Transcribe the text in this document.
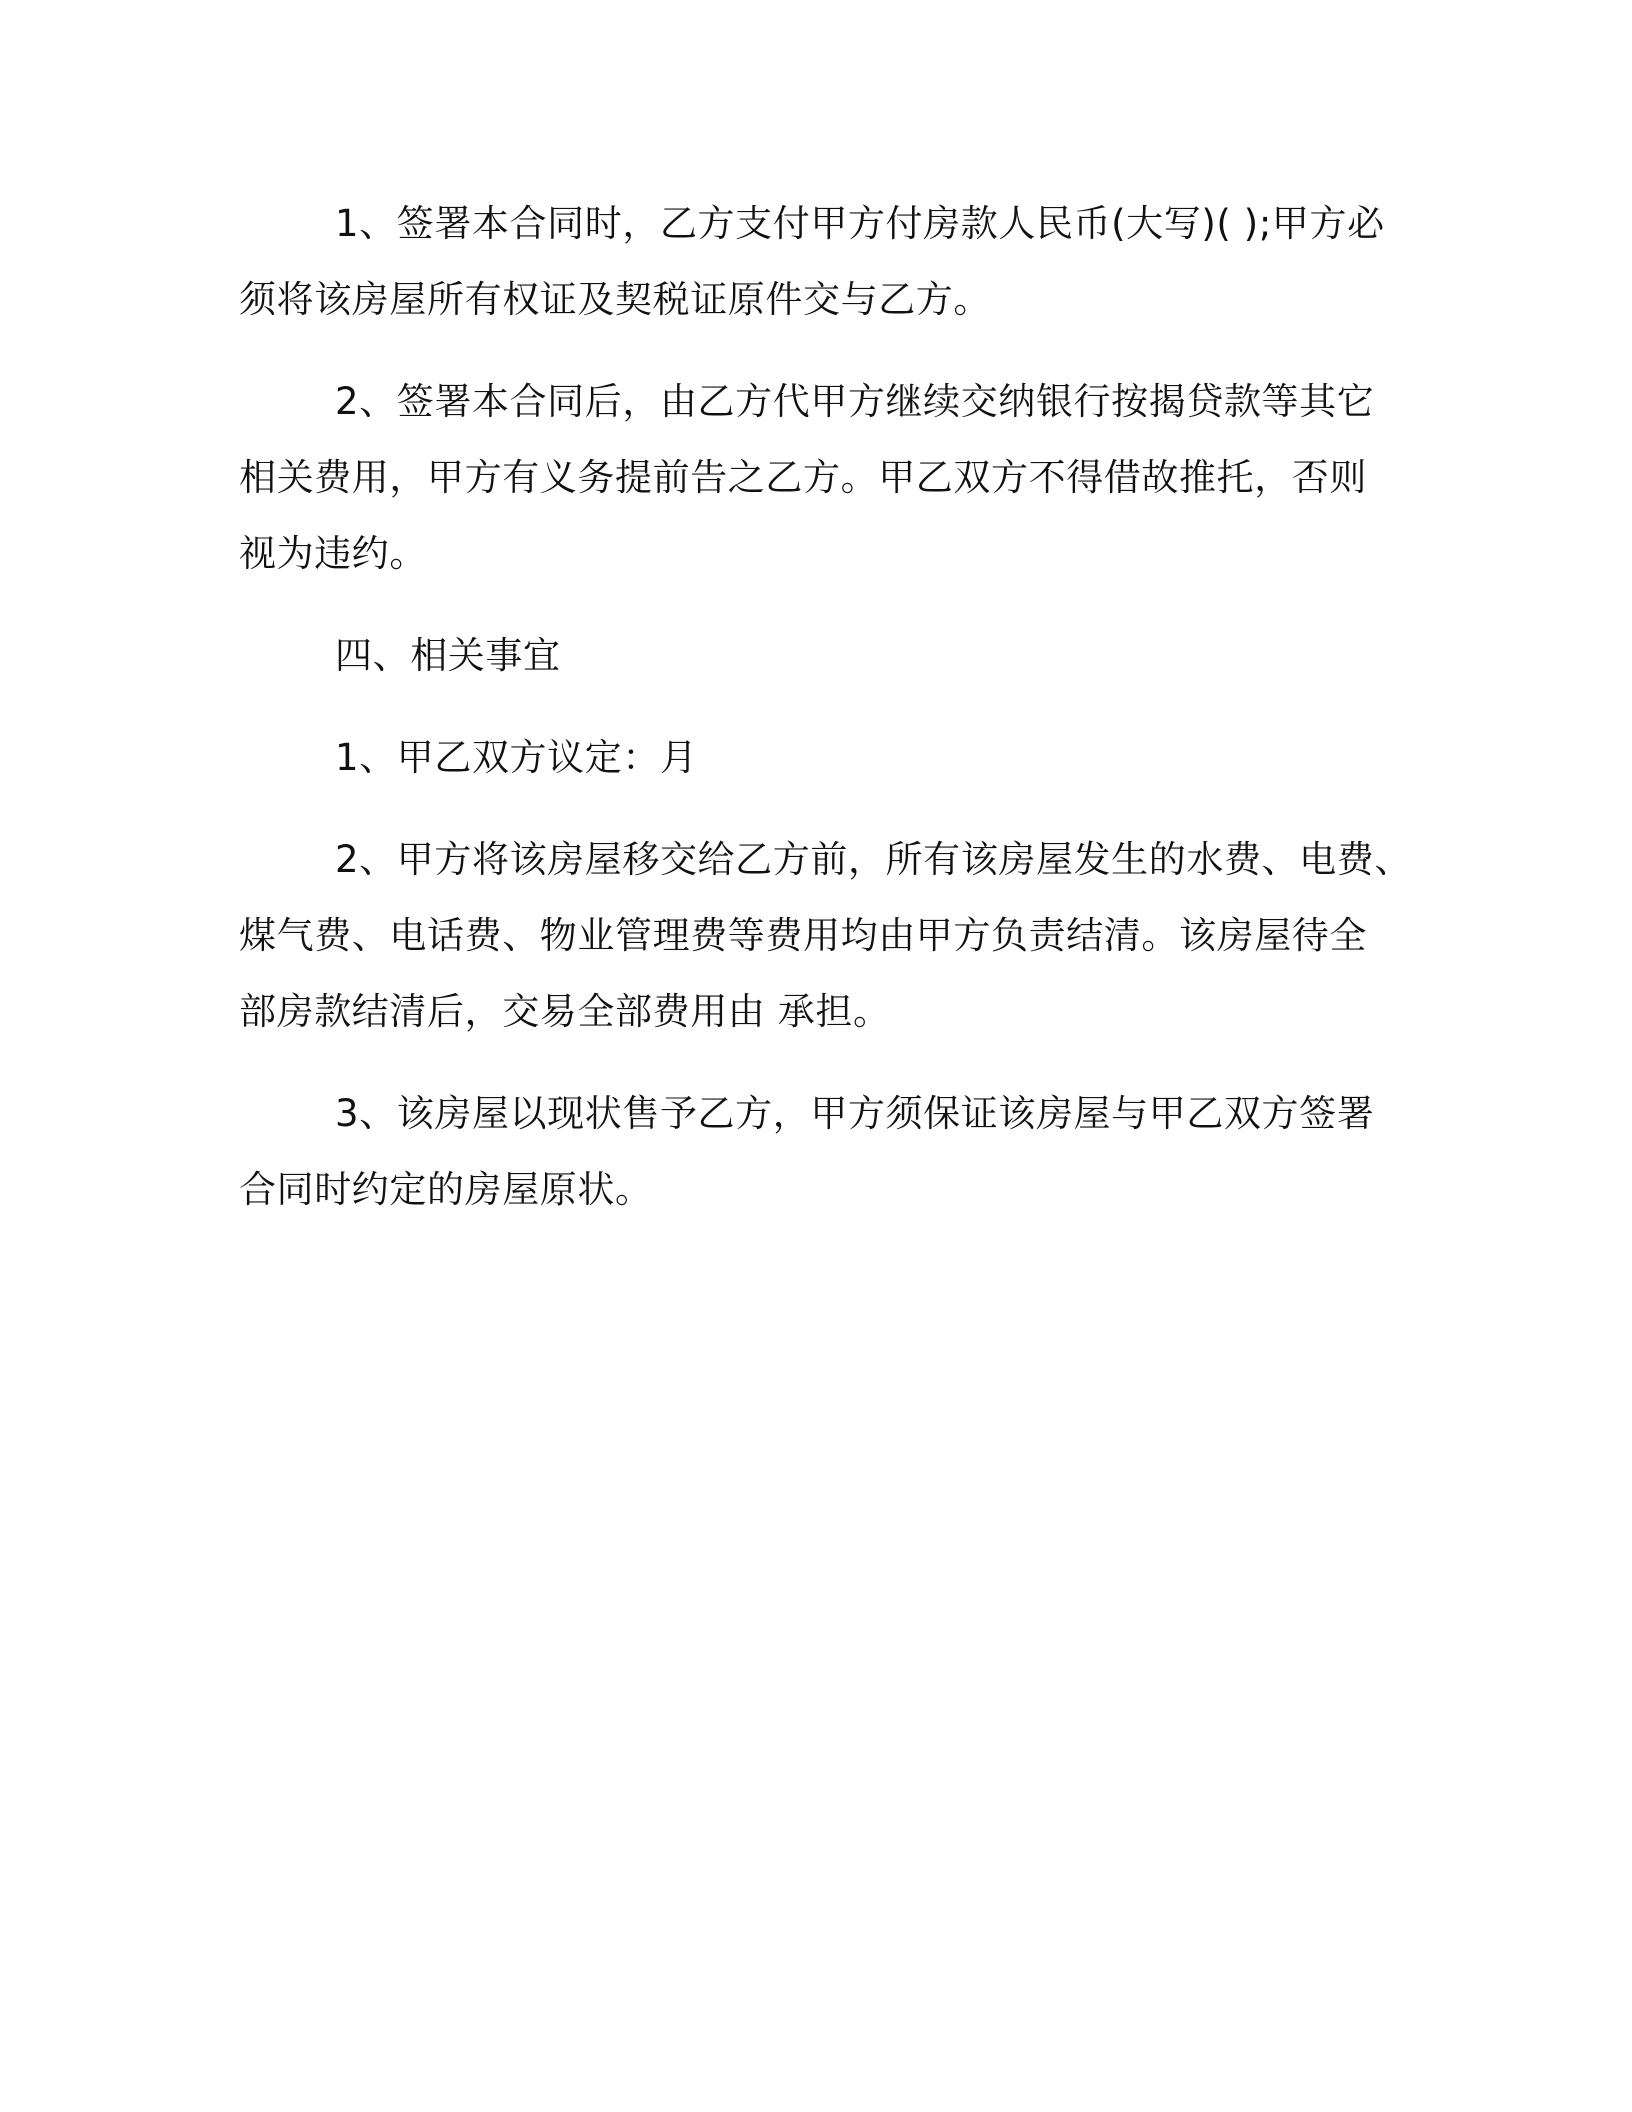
1、签署本合同时，乙方支付甲方付房款人民币(大写)( );甲方必
须将该房屋所有权证及契税证原件交与乙方。

2、签署本合同后，由乙方代甲方继续交纳银行按揭贷款等其它
相关费用，甲方有义务提前告之乙方。甲乙双方不得借故推托，否则
视为违约。

四、相关事宜

1、甲乙双方议定：月

2、甲方将该房屋移交给乙方前，所有该房屋发生的水费、电费、
煤气费、电话费、物业管理费等费用均由甲方负责结清。该房屋待全
部房款结清后，交易全部费用由 承担。

3、该房屋以现状售予乙方，甲方须保证该房屋与甲乙双方签署
合同时约定的房屋原状。
